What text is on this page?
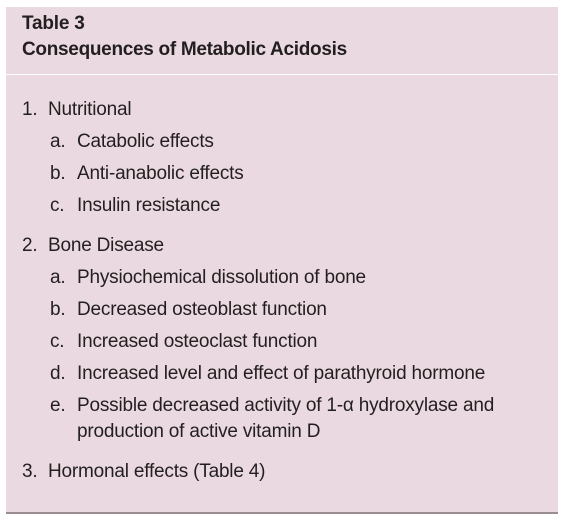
Table 3
Consequences of Metabolic Acidosis
1. Nutritional
a. Catabolic effects
b. Anti-anabolic effects
c. Insulin resistance
2. Bone Disease
a. Physiochemical dissolution of bone
b. Decreased osteoblast function
c. Increased osteoclast function
d. Increased level and effect of parathyroid hormone
e. Possible decreased activity of 1-α hydroxylase and
production of active vitamin D
3. Hormonal effects (Table 4)
